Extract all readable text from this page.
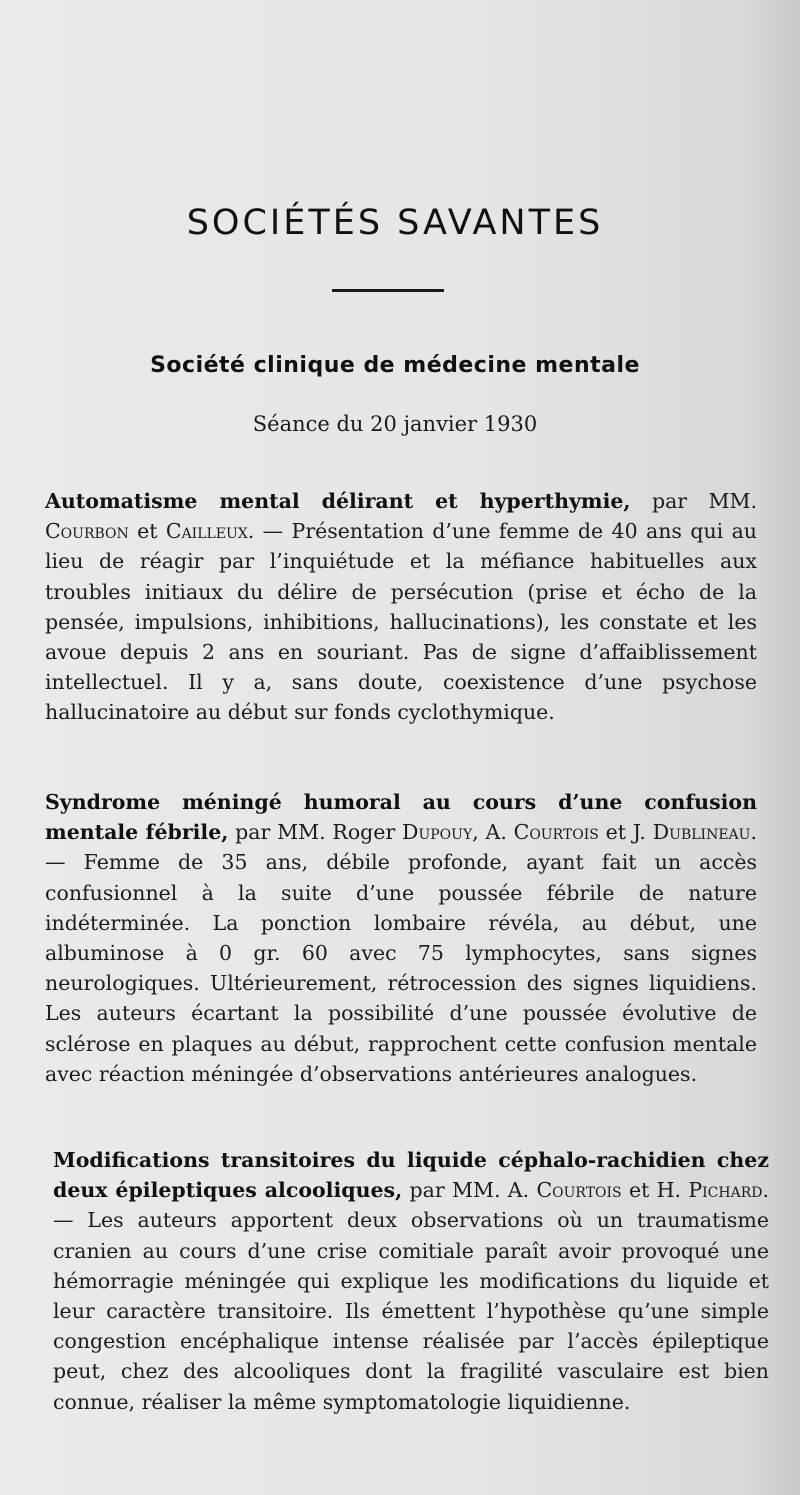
SOCIÉTÉS SAVANTES
Société clinique de médecine mentale
Séance du 20 janvier 1930
Automatisme mental délirant et hyperthymie, par MM. Courbon et Cailleux. — Présentation d’une femme de 40 ans qui au lieu de réagir par l’inquiétude et la méfiance habituelles aux troubles initiaux du délire de persécution (prise et écho de la pensée, impulsions, inhibitions, hallucinations), les constate et les avoue depuis 2 ans en souriant. Pas de signe d’affaiblissement intellectuel. Il y a, sans doute, coexistence d’une psychose hallucinatoire au début sur fonds cyclothymique.
Syndrome méningé humoral au cours d’une confusion mentale fébrile, par MM. Roger Dupouy, A. Courtois et J. Dublineau. — Femme de 35 ans, débile profonde, ayant fait un accès confusionnel à la suite d’une poussée fébrile de nature indéterminée. La ponction lombaire révéla, au début, une albuminose à 0 gr. 60 avec 75 lymphocytes, sans signes neurologiques. Ultérieurement, rétrocession des signes liquidiens. Les auteurs écartant la possibilité d’une poussée évolutive de sclérose en plaques au début, rapprochent cette confusion mentale avec réaction méningée d’observations antérieures analogues.
Modifications transitoires du liquide céphalo-rachidien chez deux épileptiques alcooliques, par MM. A. Courtois et H. Pichard. — Les auteurs apportent deux observations où un traumatisme cranien au cours d’une crise comitiale paraît avoir provoqué une hémorragie méningée qui explique les modifications du liquide et leur caractère transitoire. Ils émettent l’hypothèse qu’une simple congestion encéphalique intense réalisée par l’accès épileptique peut, chez des alcooliques dont la fragilité vasculaire est bien connue, réaliser la même symptomatologie liquidienne.
